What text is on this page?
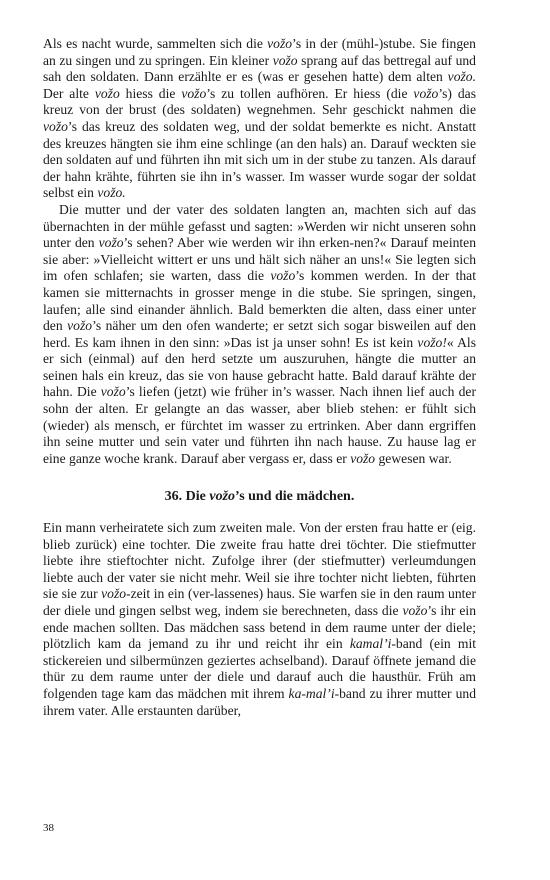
Als es nacht wurde, sammelten sich die vožo’s in der (mühl-)stube. Sie fingen an zu singen und zu springen. Ein kleiner vožo sprang auf das bettregal auf und sah den soldaten. Dann erzählte er es (was er gesehen hatte) dem alten vožo. Der alte vožo hiess die vožo’s zu tollen aufhören. Er hiess (die vožo’s) das kreuz von der brust (des soldaten) wegnehmen. Sehr geschickt nahmen die vožo’s das kreuz des soldaten weg, und der soldat bemerkte es nicht. Anstatt des kreuzes hängten sie ihm eine schlinge (an den hals) an. Darauf weckten sie den soldaten auf und führten ihn mit sich um in der stube zu tanzen. Als darauf der hahn krähte, führten sie ihn in’s wasser. Im wasser wurde sogar der soldat selbst ein vožo.

Die mutter und der vater des soldaten langten an, machten sich auf das übernachten in der mühle gefasst und sagten: »Werden wir nicht unseren sohn unter den vožo’s sehen? Aber wie werden wir ihn erken-nen?« Darauf meinten sie aber: »Vielleicht wittert er uns und hält sich näher an uns!« Sie legten sich im ofen schlafen; sie warten, dass die vožo’s kommen werden. In der that kamen sie mitternachts in grosser menge in die stube. Sie springen, singen, laufen; alle sind einander ähnlich. Bald bemerkten die alten, dass einer unter den vožo’s näher um den ofen wanderte; er setzt sich sogar bisweilen auf den herd. Es kam ihnen in den sinn: »Das ist ja unser sohn! Es ist kein vožo!« Als er sich (einmal) auf den herd setzte um auszuruhen, hängte die mutter an seinen hals ein kreuz, das sie von hause gebracht hatte. Bald darauf krähte der hahn. Die vožo’s liefen (jetzt) wie früher in’s wasser. Nach ihnen lief auch der sohn der alten. Er gelangte an das wasser, aber blieb stehen: er fühlt sich (wieder) als mensch, er fürchtet im wasser zu ertrinken. Aber dann ergriffen ihn seine mutter und sein vater und führten ihn nach hause. Zu hause lag er eine ganze woche krank. Darauf aber vergass er, dass er vožo gewesen war.

36. Die vožo’s und die mädchen.

Ein mann verheiratete sich zum zweiten male. Von der ersten frau hatte er (eig. blieb zurück) eine tochter. Die zweite frau hatte drei töchter. Die stiefmutter liebte ihre stieftochter nicht. Zufolge ihrer (der stiefmutter) verleumdungen liebte auch der vater sie nicht mehr. Weil sie ihre tochter nicht liebten, führten sie sie zur vožo-zeit in ein (ver-lassenes) haus. Sie warfen sie in den raum unter der diele und gingen selbst weg, indem sie berechneten, dass die vožo’s ihr ein ende machen sollten. Das mädchen sass betend in dem raume unter der diele; plötzlich kam da jemand zu ihr und reicht ihr ein kamal’i-band (ein mit stickereien und silbermünzen geziertes achselband). Darauf öffnete jemand die thür zu dem raume unter der diele und darauf auch die hausthür. Früh am folgenden tage kam das mädchen mit ihrem ka-mal’i-band zu ihrer mutter und ihrem vater. Alle erstaunten darüber,

38
